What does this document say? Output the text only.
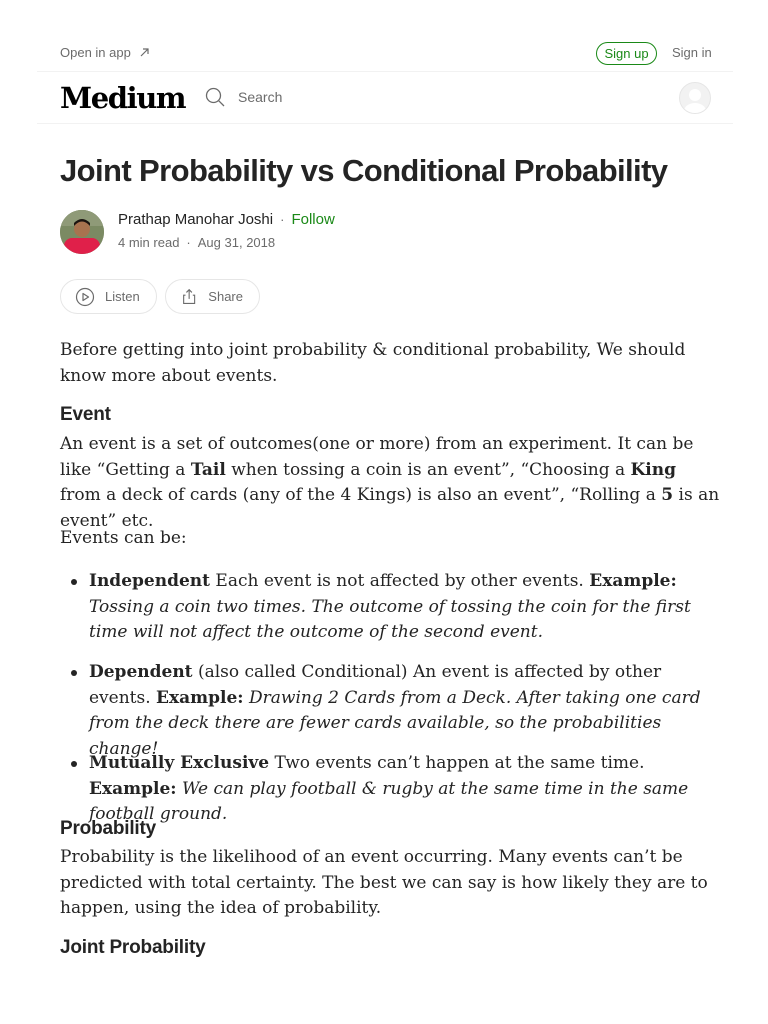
Open in app	Sign up	Sign in
Medium	Search
Joint Probability vs Conditional Probability
Prathap Manohar Joshi · Follow
4 min read · Aug 31, 2018
Listen	Share

Before getting into joint probability & conditional probability, We should know more about events.

Event

An event is a set of outcomes(one or more) from an experiment. It can be like “Getting a Tail when tossing a coin is an event”, “Choosing a King from a deck of cards (any of the 4 Kings) is also an event”, “Rolling a 5 is an event” etc.

Events can be:

Independent Each event is not affected by other events. Example: Tossing a coin two times. The outcome of tossing the coin for the first time will not affect the outcome of the second event.

Dependent (also called Conditional) An event is affected by other events. Example: Drawing 2 Cards from a Deck. After taking one card from the deck there are fewer cards available, so the probabilities change!

Mutually Exclusive Two events can’t happen at the same time. Example: We can play football & rugby at the same time in the same football ground.

Probability

Probability is the likelihood of an event occurring. Many events can’t be predicted with total certainty. The best we can say is how likely they are to happen, using the idea of probability.

Joint Probability
